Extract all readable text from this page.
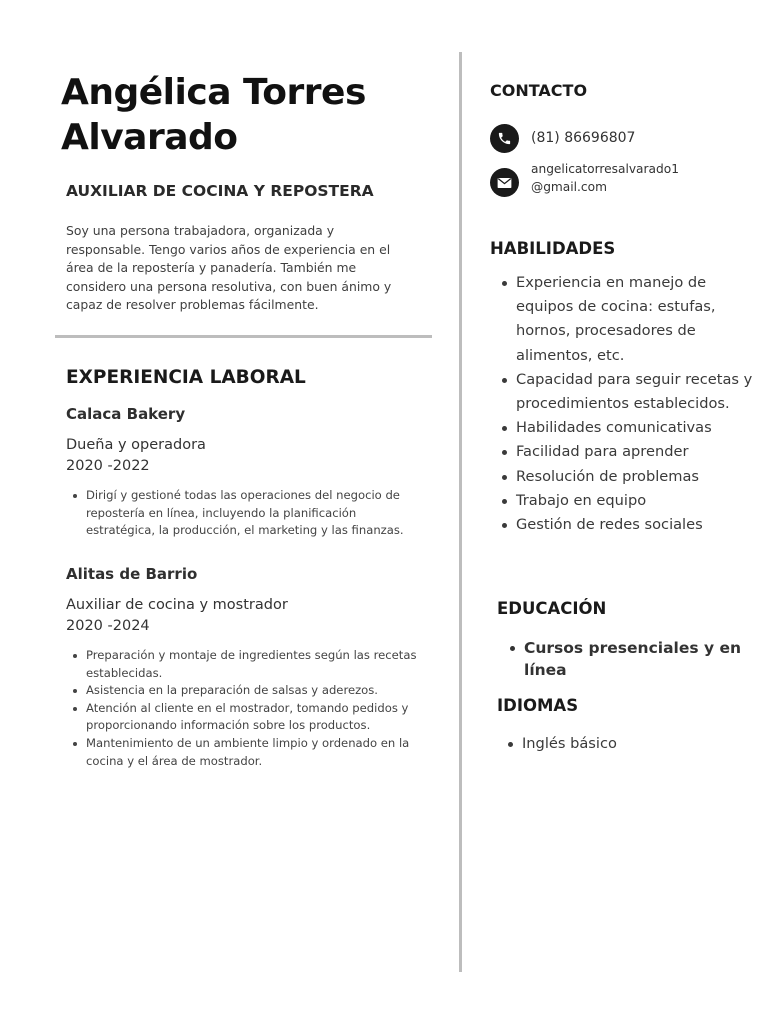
Angélica Torres
Alvarado
AUXILIAR DE COCINA Y REPOSTERA
Soy una persona trabajadora, organizada y responsable. Tengo varios años de experiencia en el área de la repostería y panadería. También me considero una persona resolutiva, con buen ánimo y capaz de resolver problemas fácilmente.
EXPERIENCIA LABORAL
Calaca Bakery
Dueña y operadora
2020 -2022
Dirigí y gestioné todas las operaciones del negocio de repostería en línea, incluyendo la planificación estratégica, la producción, el marketing y las finanzas.
Alitas de Barrio
Auxiliar de cocina y mostrador
2020 -2024
Preparación y montaje de ingredientes según las recetas establecidas.
Asistencia en la preparación de salsas y aderezos.
Atención al cliente en el mostrador, tomando pedidos y proporcionando información sobre los productos.
Mantenimiento de un ambiente limpio y ordenado en la cocina y el área de mostrador.
CONTACTO
(81) 86696807
angelicatorresalvarado1
@gmail.com
HABILIDADES
Experiencia en manejo de equipos de cocina: estufas, hornos, procesadores de alimentos, etc.
Capacidad para seguir recetas y procedimientos establecidos.
Habilidades comunicativas
Facilidad para aprender
Resolución de problemas
Trabajo en equipo
Gestión de redes sociales
EDUCACIÓN
Cursos presenciales y en línea
IDIOMAS
Inglés básico
